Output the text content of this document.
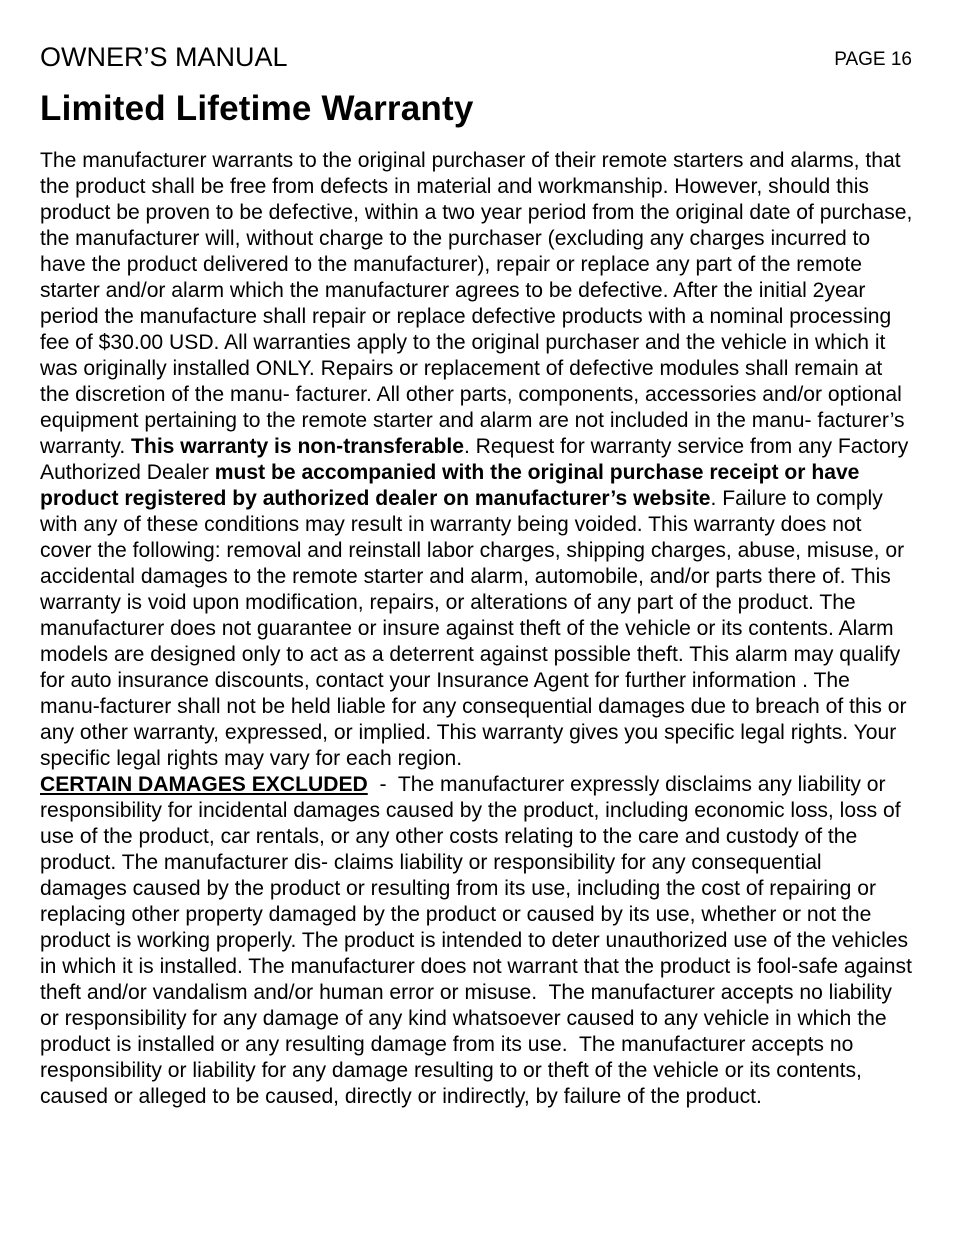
OWNER’S MANUAL	PAGE 16
Limited Lifetime Warranty

The manufacturer warrants to the original purchaser of their remote starters and alarms, that the product shall be free from defects in material and workmanship. However, should this product be proven to be defective, within a two year period from the original date of purchase, the manufacturer will, without charge to the purchaser (excluding any charges incurred to have the product delivered to the manufacturer), repair or replace any part of the remote starter and/or alarm which the manufacturer agrees to be defective. After the initial 2year period the manufacture shall repair or replace defective products with a nominal processing fee of $30.00 USD. All warranties apply to the original purchaser and the vehicle in which it was originally installed ONLY. Repairs or replacement of defective modules shall remain at the discretion of the manu- facturer. All other parts, components, accessories and/or optional equipment pertaining to the remote starter and alarm are not included in the manu- facturer’s warranty. This warranty is non-transferable. Request for warranty service from any Factory Authorized Dealer must be accompanied with the original purchase receipt or have product registered by authorized dealer on manufacturer’s website. Failure to comply with any of these conditions may result in warranty being voided. This warranty does not cover the following: removal and reinstall labor charges, shipping charges, abuse, misuse, or accidental damages to the remote starter and alarm, automobile, and/or parts there of. This warranty is void upon modification, repairs, or alterations of any part of the product. The manufacturer does not guarantee or insure against theft of the vehicle or its contents. Alarm models are designed only to act as a deterrent against possible theft. This alarm may qualify for auto insurance discounts, contact your Insurance Agent for further information . The manu-facturer shall not be held liable for any consequential damages due to breach of this or any other warranty, expressed, or implied. This warranty gives you specific legal rights. Your specific legal rights may vary for each region.

CERTAIN DAMAGES EXCLUDED  -  The manufacturer expressly disclaims any liability or responsibility for incidental damages caused by the product, including economic loss, loss of use of the product, car rentals, or any other costs relating to the care and custody of the product. The manufacturer dis- claims liability or responsibility for any consequential damages caused by the product or resulting from its use, including the cost of repairing or replacing other property damaged by the product or caused by its use, whether or not the product is working properly. The product is intended to deter unauthorized use of the vehicles in which it is installed. The manufacturer does not warrant that the product is fool-safe against theft and/or vandalism and/or human error or misuse.  The manufacturer accepts no liability or responsibility for any damage of any kind whatsoever caused to any vehicle in which the product is installed or any resulting damage from its use.  The manufacturer accepts no responsibility or liability for any damage resulting to or theft of the vehicle or its contents, caused or alleged to be caused, directly or indirectly, by failure of the product.
